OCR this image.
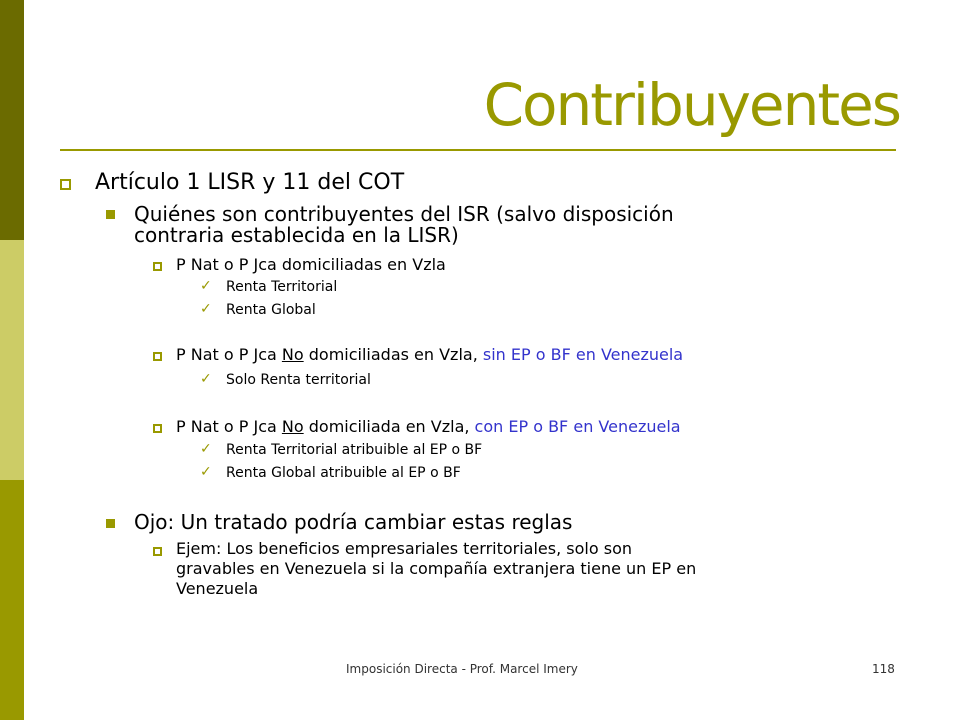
Contribuyentes
Artículo 1 LISR y 11 del COT
Quiénes son contribuyentes del ISR (salvo disposición
contraria establecida en la LISR)
P Nat o P Jca domiciliadas en Vzla
✓ Renta Territorial
✓ Renta Global
P Nat o P Jca No domiciliadas en Vzla, sin EP o BF en Venezuela
✓ Solo Renta territorial
P Nat o P Jca No domiciliada en Vzla, con EP o BF en Venezuela
✓ Renta Territorial atribuible al EP o BF
✓ Renta Global atribuible al EP o BF
Ojo: Un tratado podría cambiar estas reglas
Ejem: Los beneficios empresariales territoriales, solo son
gravables en Venezuela si la compañía extranjera tiene un EP en
Venezuela
Imposición Directa - Prof. Marcel Imery	118
